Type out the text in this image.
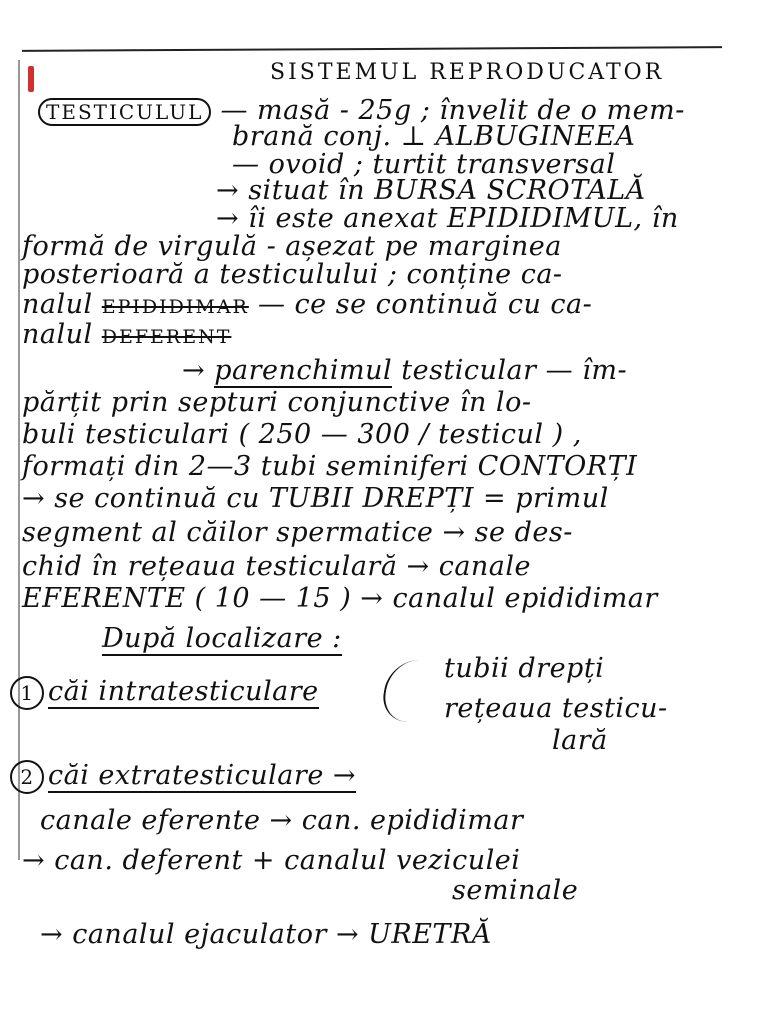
SISTEMUL REPRODUCATOR
TESTICULUL — masă - 25g ; învelit de o mem-
brană conj. ⊥ ALBUGINEEA
— ovoid ; turtit transversal
→ situat în BURSA SCROTALĂ
→ îi este anexat EPIDIDIMUL, în
formă de virgulă - așezat pe marginea
posterioară a testiculului ; conține ca-
nalul EPIDIDIMAR — ce se continuă cu ca-
nalul DEFERENT
→ parenchimul testicular — îm-
părțit prin septuri conjunctive în lo-
buli testiculari ( 250 — 300 / testicul ) ,
formați din 2—3 tubi seminiferi CONTORȚI
→ se continuă cu TUBII DREPȚI = primul
segment al căilor spermatice → se des-
chid în rețeaua testiculară → canale
EFERENTE ( 10 — 15 ) → canalul epididimar
După localizare :
1 căi intratesticulare
tubii drepți
rețeaua testicu-
lară
2 căi extratesticulare →
canale eferente → can. epididimar
→ can. deferent + canalul veziculei
seminale
→ canalul ejaculator → URETRĂ
